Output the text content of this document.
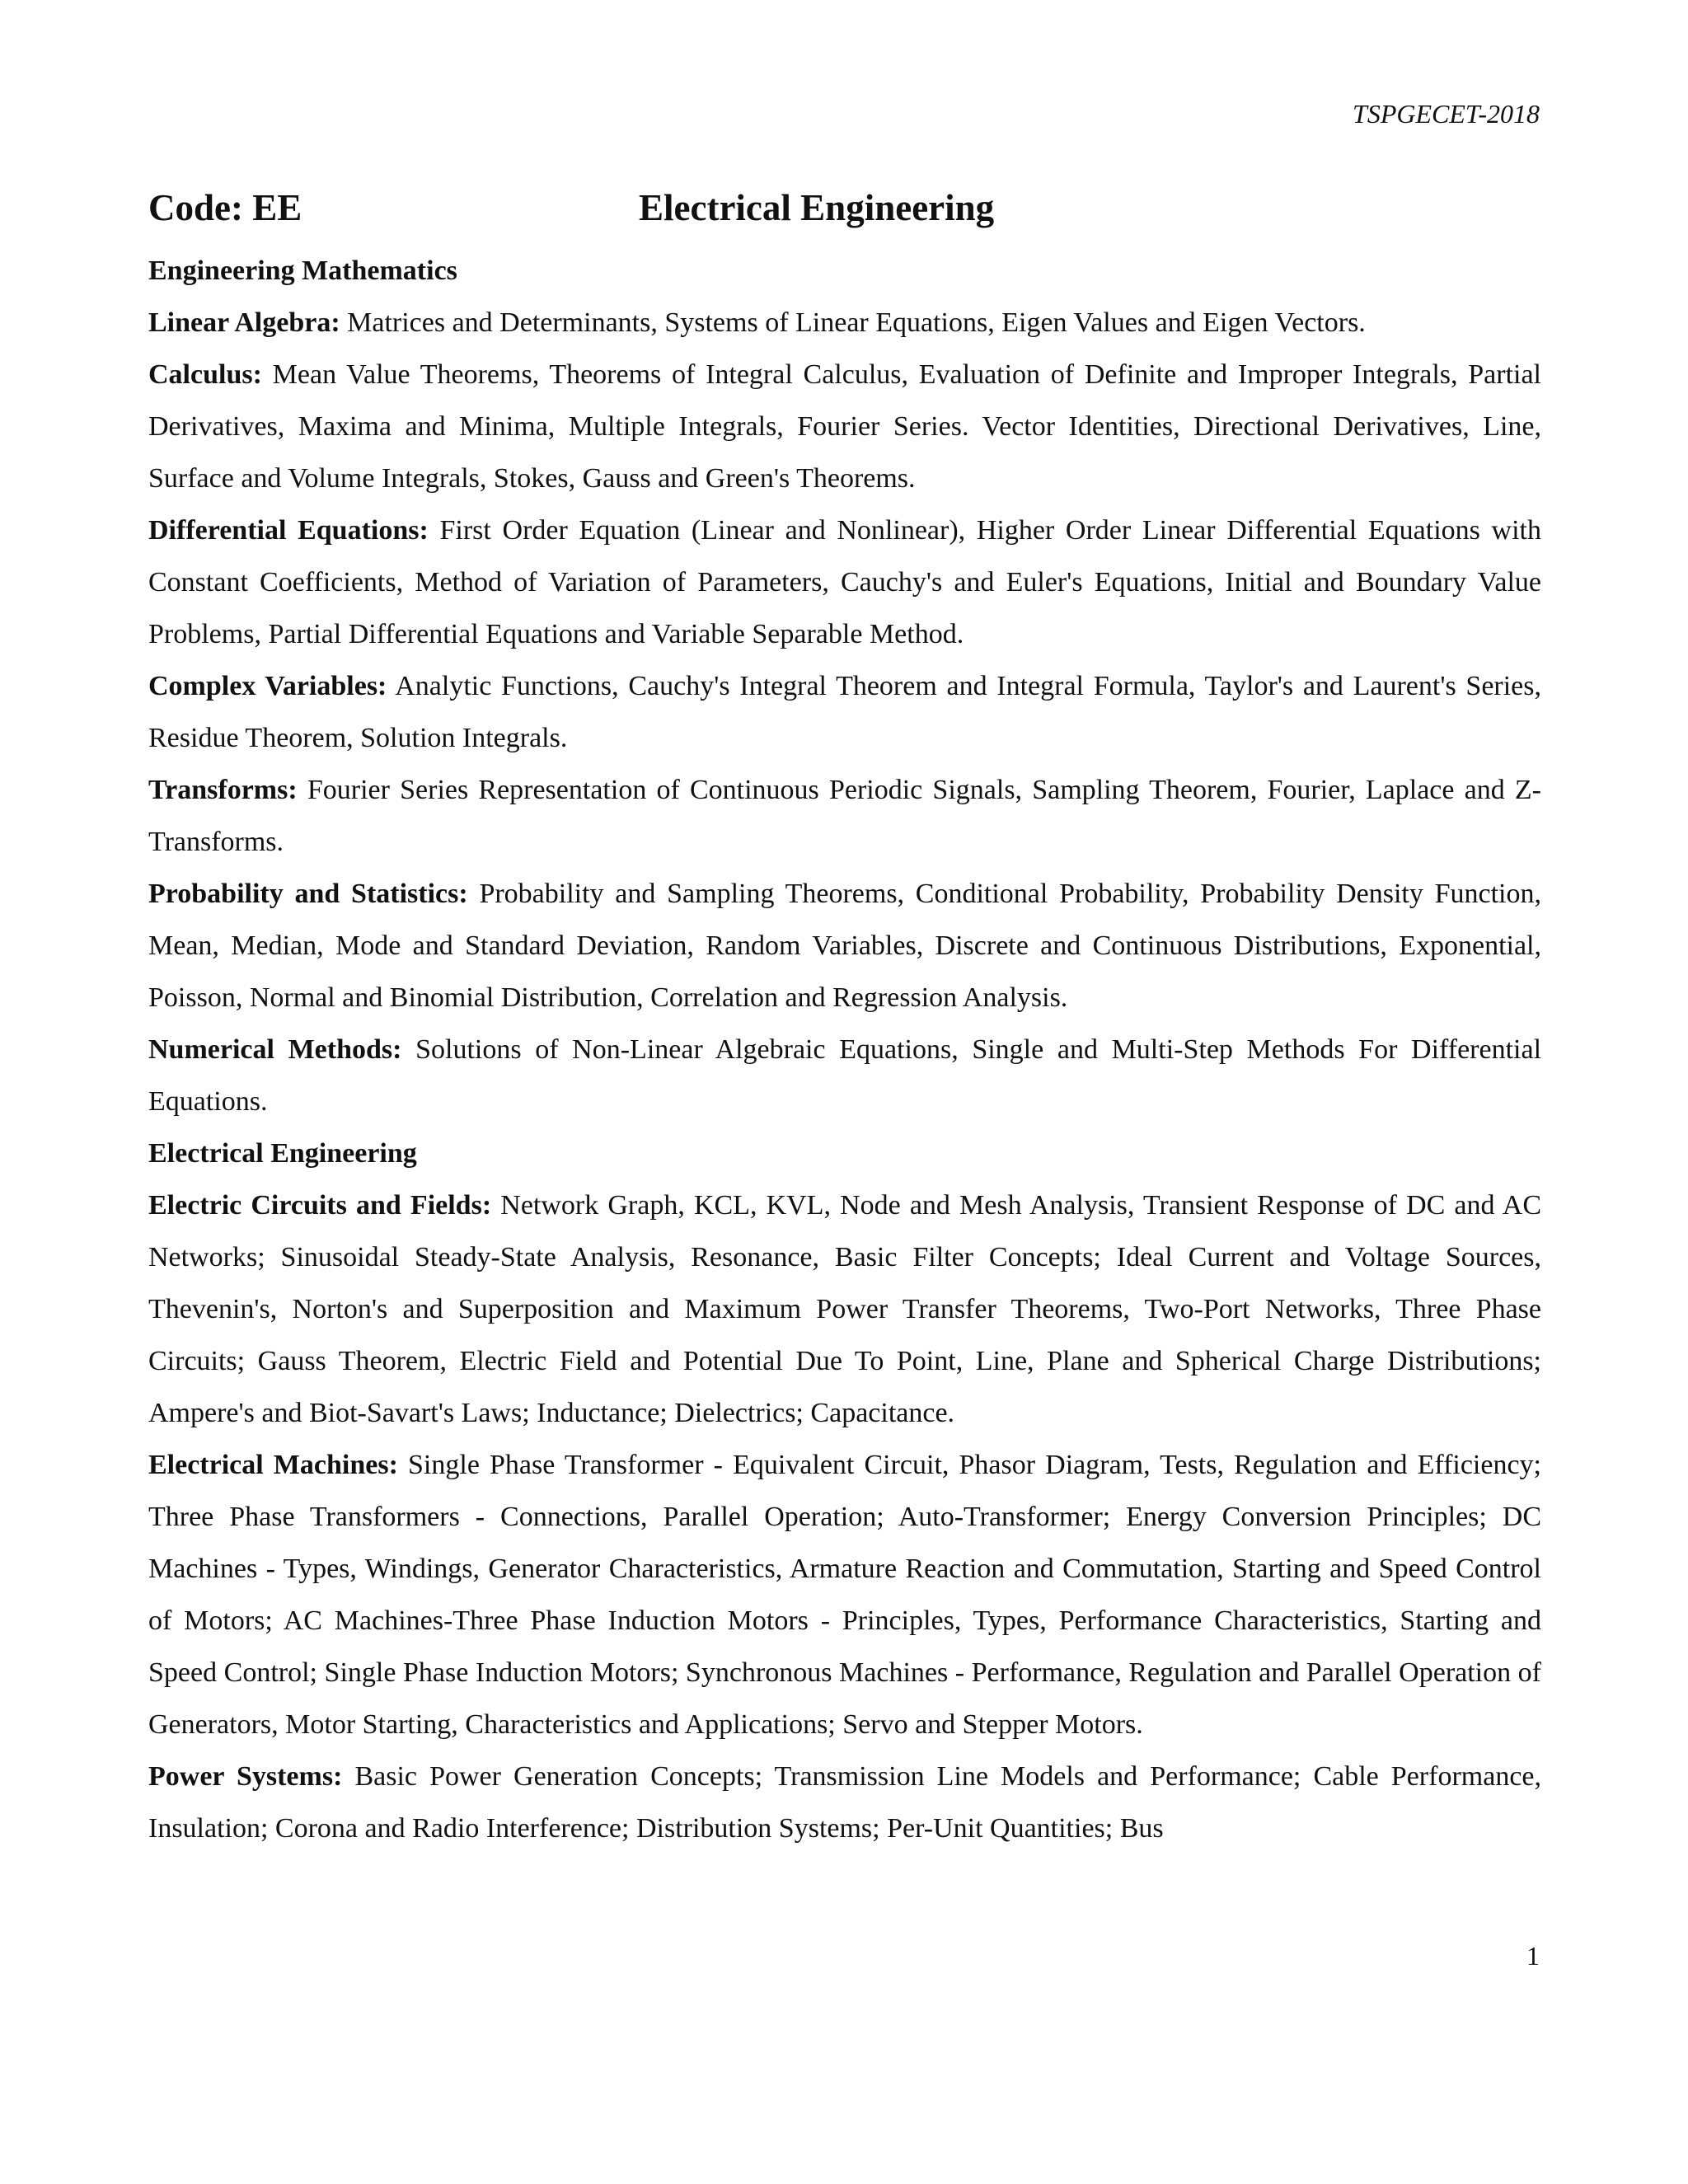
TSPGECET-2018
Code: EE	Electrical Engineering

Engineering Mathematics

Linear Algebra: Matrices and Determinants, Systems of Linear Equations, Eigen Values and Eigen Vectors.

Calculus: Mean Value Theorems, Theorems of Integral Calculus, Evaluation of Definite and Improper Integrals, Partial Derivatives, Maxima and Minima, Multiple Integrals, Fourier Series. Vector Identities, Directional Derivatives, Line, Surface and Volume Integrals, Stokes, Gauss and Green's Theorems.

Differential Equations: First Order Equation (Linear and Nonlinear), Higher Order Linear Differential Equations with Constant Coefficients, Method of Variation of Parameters, Cauchy's and Euler's Equations, Initial and Boundary Value Problems, Partial Differential Equations and Variable Separable Method.

Complex Variables: Analytic Functions, Cauchy's Integral Theorem and Integral Formula, Taylor's and Laurent's Series, Residue Theorem, Solution Integrals.

Transforms: Fourier Series Representation of Continuous Periodic Signals, Sampling Theorem, Fourier, Laplace and Z-Transforms.

Probability and Statistics: Probability and Sampling Theorems, Conditional Probability, Probability Density Function, Mean, Median, Mode and Standard Deviation, Random Variables, Discrete and Continuous Distributions, Exponential, Poisson, Normal and Binomial Distribution, Correlation and Regression Analysis.

Numerical Methods: Solutions of Non-Linear Algebraic Equations, Single and Multi-Step Methods For Differential Equations.

Electrical Engineering

Electric Circuits and Fields: Network Graph, KCL, KVL, Node and Mesh Analysis, Transient Response of DC and AC Networks; Sinusoidal Steady-State Analysis, Resonance, Basic Filter Concepts; Ideal Current and Voltage Sources, Thevenin's, Norton's and Superposition and Maximum Power Transfer Theorems, Two-Port Networks, Three Phase Circuits; Gauss Theorem, Electric Field and Potential Due To Point, Line, Plane and Spherical Charge Distributions; Ampere's and Biot-Savart's Laws; Inductance; Dielectrics; Capacitance.

Electrical Machines: Single Phase Transformer - Equivalent Circuit, Phasor Diagram, Tests, Regulation and Efficiency; Three Phase Transformers - Connections, Parallel Operation; Auto-Transformer; Energy Conversion Principles; DC Machines - Types, Windings, Generator Characteristics, Armature Reaction and Commutation, Starting and Speed Control of Motors; AC Machines-Three Phase Induction Motors - Principles, Types, Performance Characteristics, Starting and Speed Control; Single Phase Induction Motors; Synchronous Machines - Performance, Regulation and Parallel Operation of Generators, Motor Starting, Characteristics and Applications; Servo and Stepper Motors.

Power Systems: Basic Power Generation Concepts; Transmission Line Models and Performance; Cable Performance, Insulation; Corona and Radio Interference; Distribution Systems; Per-Unit Quantities; Bus

1
